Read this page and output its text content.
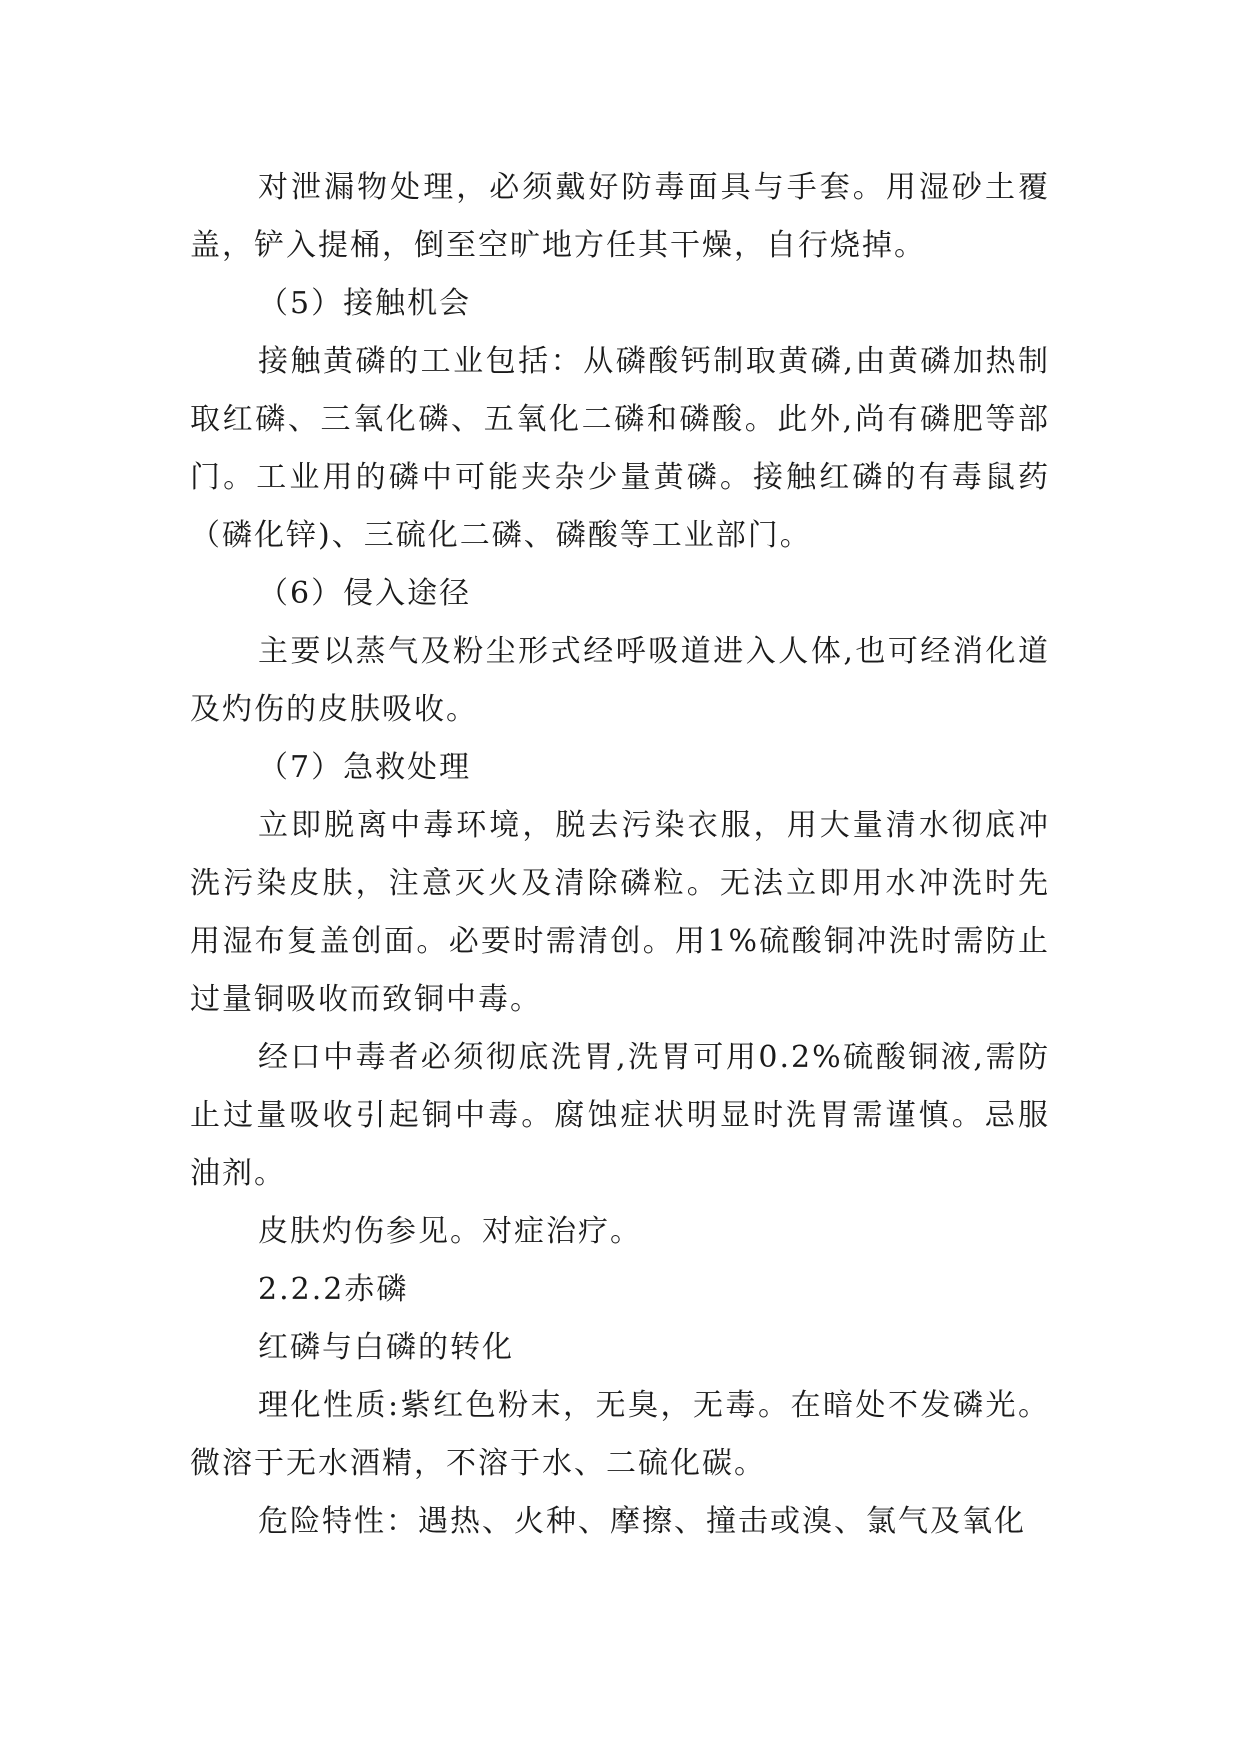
对泄漏物处理，必须戴好防毒面具与手套。用湿砂土覆盖，铲入提桶，倒至空旷地方任其干燥，自行烧掉。

（5）接触机会

接触黄磷的工业包括：从磷酸钙制取黄磷,由黄磷加热制取红磷、三氧化磷、五氧化二磷和磷酸。此外,尚有磷肥等部门。工业用的磷中可能夹杂少量黄磷。接触红磷的有毒鼠药（磷化锌)、三硫化二磷、磷酸等工业部门。

（6）侵入途径

主要以蒸气及粉尘形式经呼吸道进入人体,也可经消化道及灼伤的皮肤吸收。

（7）急救处理

立即脱离中毒环境，脱去污染衣服，用大量清水彻底冲洗污染皮肤，注意灭火及清除磷粒。无法立即用水冲洗时先用湿布复盖创面。必要时需清创。用1%硫酸铜冲洗时需防止过量铜吸收而致铜中毒。

经口中毒者必须彻底洗胃,洗胃可用0.2%硫酸铜液,需防止过量吸收引起铜中毒。腐蚀症状明显时洗胃需谨慎。忌服油剂。

皮肤灼伤参见。对症治疗。

2.2.2赤磷

红磷与白磷的转化

理化性质:紫红色粉末，无臭，无毒。在暗处不发磷光。微溶于无水酒精，不溶于水、二硫化碳。

危险特性：遇热、火种、摩擦、撞击或溴、氯气及氧化
